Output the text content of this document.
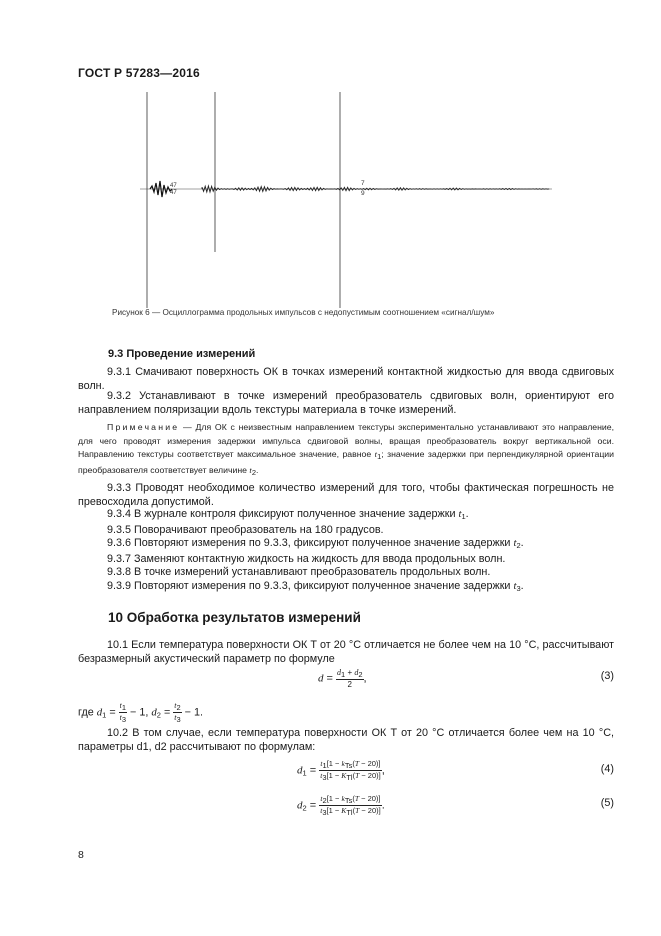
ГОСТ Р 57283—2016
47
47
7
9
Рисунок 6 — Осциллограмма продольных импульсов с недопустимым соотношением «сигнал/шум»
9.3 Проведение измерений
9.3.1 Смачивают поверхность ОК в точках измерений контактной жидкостью для ввода сдвиговых волн.
9.3.2 Устанавливают в точке измерений преобразователь сдвиговых волн, ориентируют его направлением поляризации вдоль текстуры материала в точке измерений.
Примечание — Для ОК с неизвестным направлением текстуры экспериментально устанавливают это направление, для чего проводят измерения задержки импульса сдвиговой волны, вращая преобразователь вокруг вертикальной оси. Направлению текстуры соответствует максимальное значение, равное $t_1$; значение задержки при перпендикулярной ориентации преобразователя соответствует величине $t_2$.
9.3.3 Проводят необходимое количество измерений для того, чтобы фактическая погрешность не превосходила допустимой.
9.3.4 В журнале контроля фиксируют полученное значение задержки $t_1$.
9.3.5 Поворачивают преобразователь на 180 градусов.
9.3.6 Повторяют измерения по 9.3.3, фиксируют полученное значение задержки $t_2$.
9.3.7 Заменяют контактную жидкость на жидкость для ввода продольных волн.
9.3.8 В точке измерений устанавливают преобразователь продольных волн.
9.3.9 Повторяют измерения по 9.3.3, фиксируют полученное значение задержки $t_3$.
10 Обработка результатов измерений
10.1 Если температура поверхности ОК T от 20 °С отличается не более чем на 10 °С, рассчитывают безразмерный акустический параметр по формуле
$d = \frac{d_1 + d_2}{2}$ ,	(3)
где $d_1 = \frac{t_1}{t_3} - 1$, $d_2 = \frac{t_2}{t_3} - 1$.
10.2 В том случае, если температура поверхности ОК T от 20 °С отличается более чем на 10 °С, параметры d1, d2 рассчитывают по формулам:
$d_1 = \frac{t_1[1 - k_{Ts}(T - 20)]}{t_3[1 - K_{Tl}(T - 20)]}$ ,	(4)
$d_2 = \frac{t_2[1 - k_{Ts}(T - 20)]}{t_3[1 - K_{Tl}(T - 20)]}$ .	(5)
8
